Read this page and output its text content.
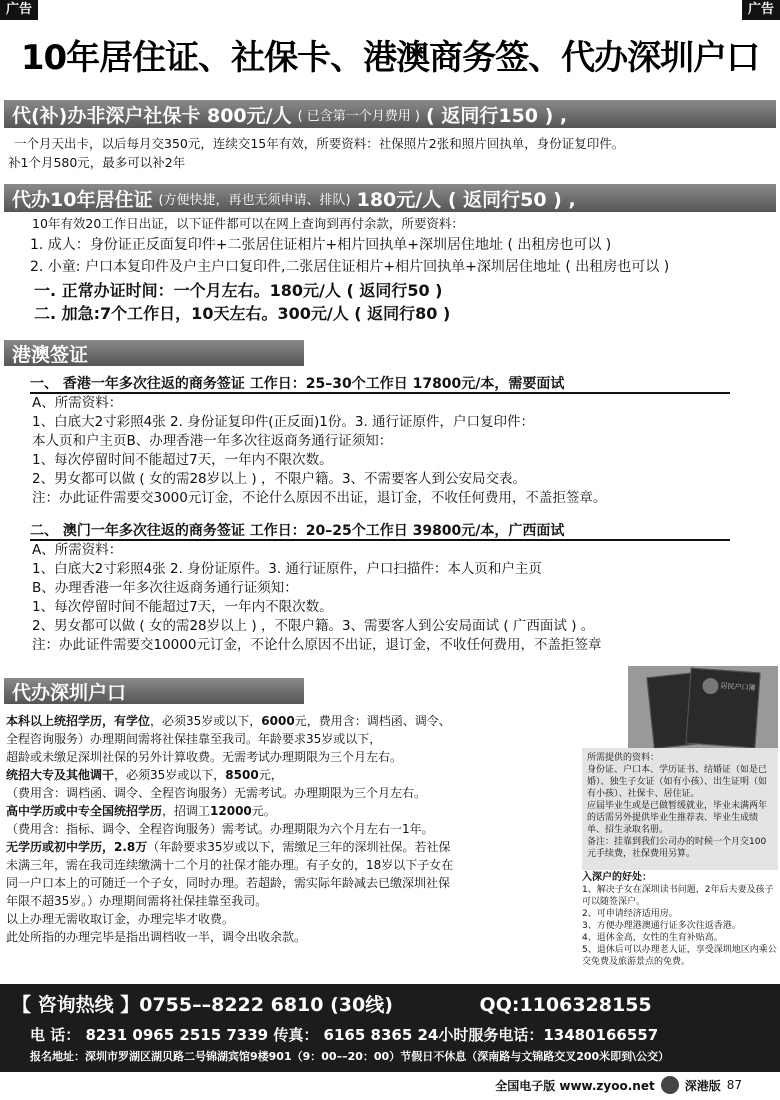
广告	广告
10年居住证、社保卡、港澳商务签、代办深圳户口
代(补)办非深户社保卡 800元/人 ( 已含第一个月费用 ) ( 返同行150 ) ,
一个月天出卡，以后每月交350元，连续交15年有效，所要资料：社保照片2张和照片回执单，身份证复印件。
补1个月580元，最多可以补2年
代办10年居住证 (方便快捷，再也无须申请、排队) 180元/人 ( 返同行50 ) ,
10年有效20工作日出证，以下证件都可以在网上查询到再付余款，所要资料：
1. 成人：身份证正反面复印件+二张居住证相片+相片回执单+深圳居住地址 ( 出租房也可以 )
2. 小童: 户口本复印件及户主户口复印件,二张居住证相片+相片回执单+深圳居住地址 ( 出租房也可以 )
一. 正常办证时间：一个月左右。180元/人 ( 返同行50 )
二. 加急:7个工作日，10天左右。300元/人 ( 返同行80 )
港澳签证
一、 香港一年多次往返的商务签证 工作日：25–30个工作日 17800元/本，需要面试
A、所需资料：
1、白底大2寸彩照4张 2. 身份证复印件(正反面)1份。3. 通行证原件，户口复印件：
本人页和户主页B、办理香港一年多次往返商务通行证须知：
1、每次停留时间不能超过7天，一年内不限次数。
2、男女都可以做 ( 女的需28岁以上 ) ，不限户籍。3、不需要客人到公安局交表。
注：办此证件需要交3000元订金，不论什么原因不出证，退订金，不收任何费用，不盖拒签章。
二、 澳门一年多次往返的商务签证 工作日：20–25个工作日 39800元/本，广西面试
A、所需资料：
1、白底大2寸彩照4张 2. 身份证原件。3. 通行证原件，户口扫描件：本人页和户主页
B、办理香港一年多次往返商务通行证须知：
1、每次停留时间不能超过7天，一年内不限次数。
2、男女都可以做 ( 女的需28岁以上 ) ，不限户籍。3、需要客人到公安局面试 ( 广西面试 ) 。
注：办此证件需要交10000元订金，不论什么原因不出证，退订金，不收任何费用，不盖拒签章
代办深圳户口

本科以上统招学历，有学位，必须35岁或以下，6000元，费用含：调档函、调令、

全程咨询服务）办理期间需将社保挂靠至我司。年龄要求35岁或以下，

超龄或未缴足深圳社保的另外计算收费。无需考试办理期限为三个月左右。

统招大专及其他调干，必须35岁或以下，8500元，

（费用含：调档函、调令、全程咨询服务）无需考试。办理期限为三个月左右。

高中学历或中专全国统招学历，招调工12000元。

（费用含：指标、调令、全程咨询服务）需考试。办理期限为六个月左右一1年。

无学历或初中学历，2.8万（年龄要求35岁或以下，需缴足三年的深圳社保。若社保

未满三年，需在我司连续缴满十二个月的社保才能办理。有子女的，18岁以下子女在

同一户口本上的可随迁一个子女，同时办理。若超龄，需实际年龄减去已缴深圳社保

年限不超35岁。）办理期间需将社保挂靠至我司。

以上办理无需收取订金，办理完毕才收费。

此处所指的办理完毕是指出调档收一半，调令出收余款。

居民户口簿
所需提供的资料：
身份证、户口本、学历证书、结婚证（如是已婚）、独生子女证（如有小孩）、出生证明（如有小孩）、社保卡、居住证。
应届毕业生或是已做暂缓就业，毕业未满两年的话需另外提供毕业生推荐表、毕业生成绩单、招生录取名册。
备注：挂靠到我们公司办的时候一个月交100元手续费，社保费用另算。

入深户的好处：

1、解决子女在深圳读书问题，2年后夫妻及孩子可以随签深户。

2、可申请经济适用房。

3、方便办理港澳通行证多次往返香港。

4、退休金高，女性的生育补贴高。

5、退休后可以办理老人证，享受深圳地区内乘公交免费及旅游景点的免费。

【 咨询热线 】0755––8222 6810 (30线)	QQ:1106328155
电 话： 8231 0965 2515 7339 传真： 6165 8365 24小时服务电话：13480166557
报名地址：深圳市罗湖区湖贝路二号锦湖宾馆9楼901（9：00––20：00）节假日不休息（深南路与文锦路交叉200米即到\公交）
全国电子版 www.zyoo.net	深港版 87
